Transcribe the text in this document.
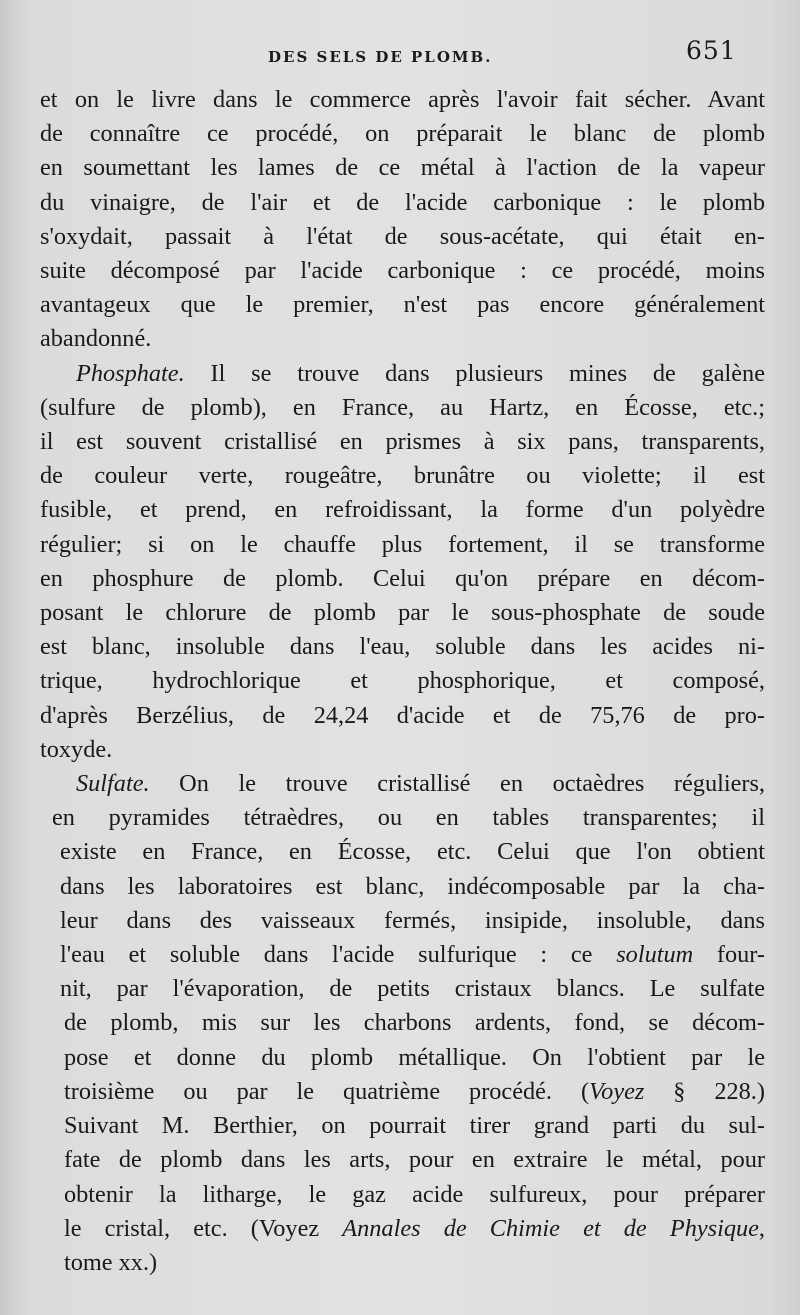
DES SELS DE PLOMB.	651
et on le livre dans le commerce après l'avoir fait sécher. Avant
de connaître ce procédé, on préparait le blanc de plomb
en soumettant les lames de ce métal à l'action de la vapeur
du vinaigre, de l'air et de l'acide carbonique : le plomb
s'oxydait, passait à l'état de sous-acétate, qui était en-
suite décomposé par l'acide carbonique : ce procédé, moins
avantageux que le premier, n'est pas encore généralement
abandonné.
Phosphate. Il se trouve dans plusieurs mines de galène
(sulfure de plomb), en France, au Hartz, en Écosse, etc.;
il est souvent cristallisé en prismes à six pans, transparents,
de couleur verte, rougeâtre, brunâtre ou violette; il est
fusible, et prend, en refroidissant, la forme d'un polyèdre
régulier; si on le chauffe plus fortement, il se transforme
en phosphure de plomb. Celui qu'on prépare en décom-
posant le chlorure de plomb par le sous-phosphate de soude
est blanc, insoluble dans l'eau, soluble dans les acides ni-
trique, hydrochlorique et phosphorique, et composé,
d'après Berzélius, de 24,24 d'acide et de 75,76 de pro-
toxyde.
Sulfate. On le trouve cristallisé en octaèdres réguliers,
en pyramides tétraèdres, ou en tables transparentes; il
existe en France, en Écosse, etc. Celui que l'on obtient
dans les laboratoires est blanc, indécomposable par la cha-
leur dans des vaisseaux fermés, insipide, insoluble, dans
l'eau et soluble dans l'acide sulfurique : ce solutum four-
nit, par l'évaporation, de petits cristaux blancs. Le sulfate
de plomb, mis sur les charbons ardents, fond, se décom-
pose et donne du plomb métallique. On l'obtient par le
troisième ou par le quatrième procédé. (Voyez § 228.)
Suivant M. Berthier, on pourrait tirer grand parti du sul-
fate de plomb dans les arts, pour en extraire le métal, pour
obtenir la litharge, le gaz acide sulfureux, pour préparer
le cristal, etc. (Voyez Annales de Chimie et de Physique,
tome xx.)
